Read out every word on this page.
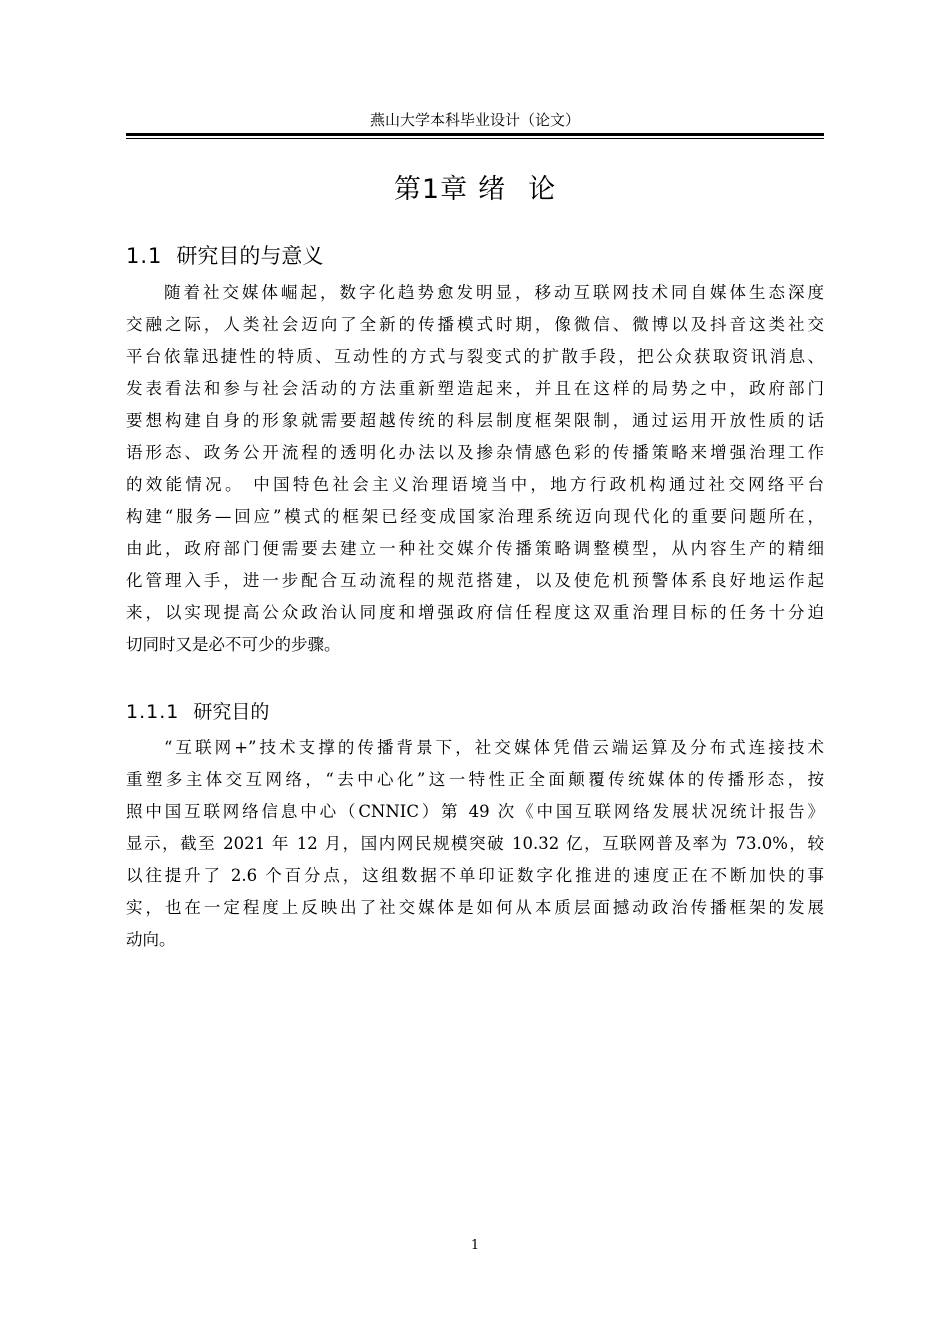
燕山大学本科毕业设计（论文）
第1章 绪 论
1.1 研究目的与意义

随着社交媒体崛起，数字化趋势愈发明显，移动互联网技术同自媒体生态深度
交融之际，人类社会迈向了全新的传播模式时期，像微信、微博以及抖音这类社交
平台依靠迅捷性的特质、互动性的方式与裂变式的扩散手段，把公众获取资讯消息、
发表看法和参与社会活动的方法重新塑造起来，并且在这样的局势之中，政府部门
要想构建自身的形象就需要超越传统的科层制度框架限制，通过运用开放性质的话
语形态、政务公开流程的透明化办法以及掺杂情感色彩的传播策略来增强治理工作
的效能情况。 中国特色社会主义治理语境当中，地方行政机构通过社交网络平台
构建“服务—回应”模式的框架已经变成国家治理系统迈向现代化的重要问题所在，
由此，政府部门便需要去建立一种社交媒介传播策略调整模型，从内容生产的精细
化管理入手，进一步配合互动流程的规范搭建，以及使危机预警体系良好地运作起
来，以实现提高公众政治认同度和增强政府信任程度这双重治理目标的任务十分迫
切同时又是必不可少的步骤。

1.1.1 研究目的

“互联网+”技术支撑的传播背景下，社交媒体凭借云端运算及分布式连接技术
重塑多主体交互网络，“去中心化”这一特性正全面颠覆传统媒体的传播形态，按
照中国互联网络信息中心（CNNIC）第 49 次《中国互联网络发展状况统计报告》
显示，截至 2021 年 12 月，国内网民规模突破 10.32 亿，互联网普及率为 73.0%，较
以往提升了 2.6 个百分点，这组数据不单印证数字化推进的速度正在不断加快的事
实，也在一定程度上反映出了社交媒体是如何从本质层面撼动政治传播框架的发展
动向。

1
